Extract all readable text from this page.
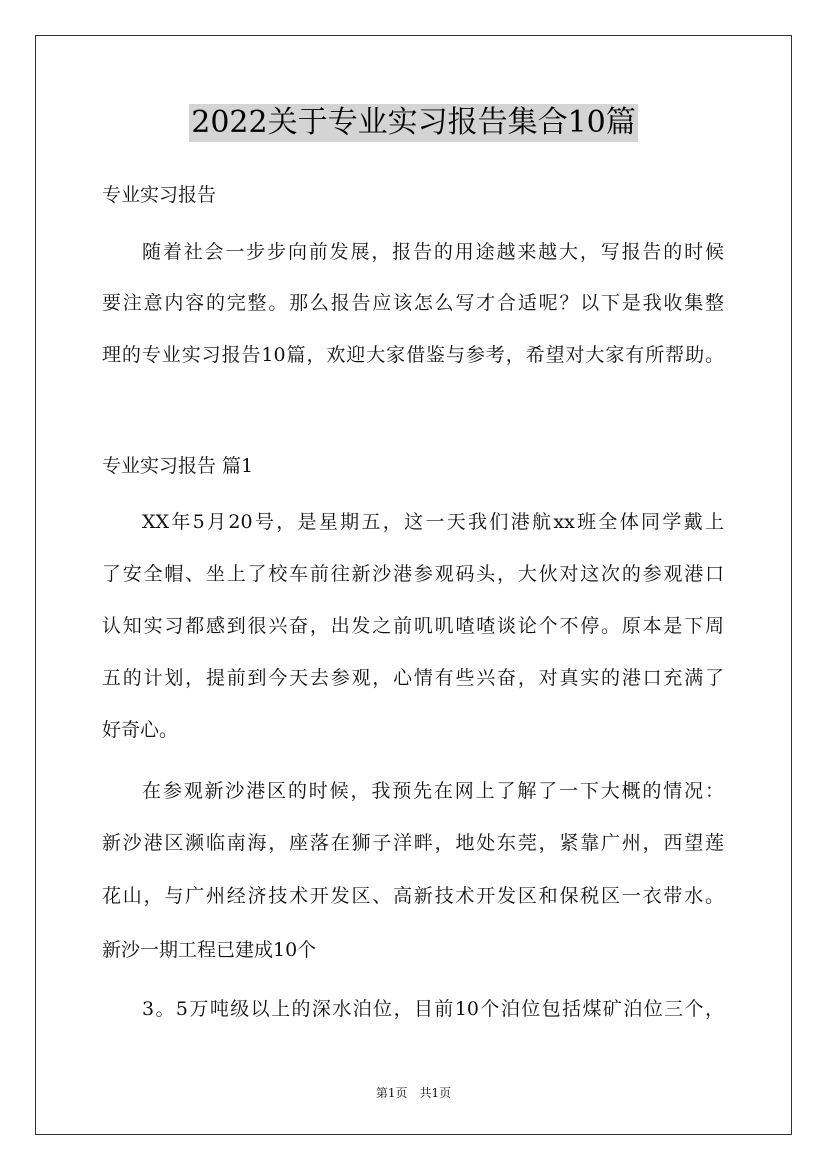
2022关于专业实习报告集合10篇
专业实习报告
随着社会一步步向前发展，报告的用途越来越大，写报告的时候
要注意内容的完整。那么报告应该怎么写才合适呢？以下是我收集整
理的专业实习报告10篇，欢迎大家借鉴与参考，希望对大家有所帮助。
专业实习报告 篇1
XX年5月20号，是星期五，这一天我们港航xx班全体同学戴上
了安全帽、坐上了校车前往新沙港参观码头，大伙对这次的参观港口
认知实习都感到很兴奋，出发之前叽叽喳喳谈论个不停。原本是下周
五的计划，提前到今天去参观，心情有些兴奋，对真实的港口充满了
好奇心。
在参观新沙港区的时候，我预先在网上了解了一下大概的情况：
新沙港区濒临南海，座落在狮子洋畔，地处东莞，紧靠广州，西望莲
花山，与广州经济技术开发区、高新技术开发区和保税区一衣带水。
新沙一期工程已建成10个
3。5万吨级以上的深水泊位，目前10个泊位包括煤矿泊位三个，
第1页　共1页
